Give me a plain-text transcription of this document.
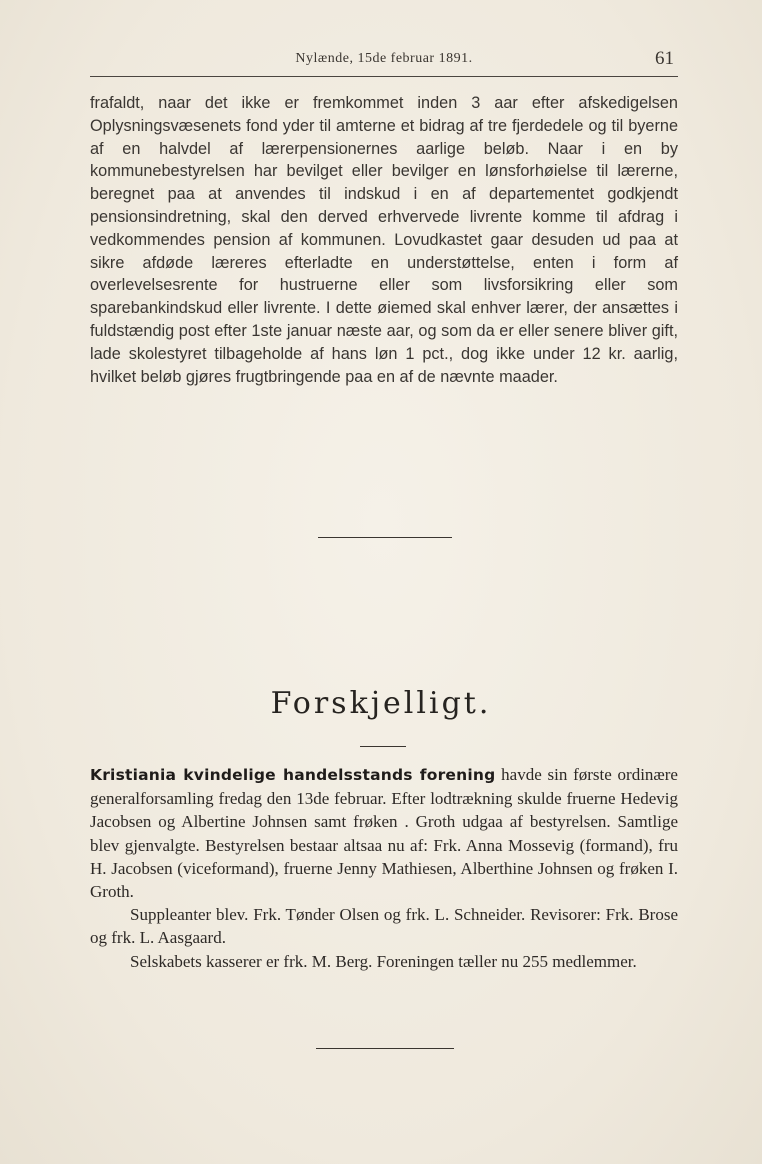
Nylænde, 15de februar 1891.	61

frafaldt, naar det ikke er fremkommet inden 3 aar efter afskedigelsen Oplysningsvæsenets fond yder til amterne et bidrag af tre fjerdedele og til byerne af en halvdel af lærerpensionernes aarlige beløb. Naar i en by kommunebestyrelsen har bevilget eller bevilger en lønsforhøielse til lærerne, beregnet paa at anvendes til indskud i en af departementet godkjendt pensionsindretning, skal den derved erhvervede livrente komme til afdrag i vedkommendes pension af kommunen. Lovudkastet gaar desuden ud paa at sikre afdøde læreres efterladte en understøttelse, enten i form af overlevelsesrente for hustruerne eller som livsforsikring eller som sparebankindskud eller livrente. I dette øiemed skal enhver lærer, der ansættes i fuldstændig post efter 1ste januar næste aar, og som da er eller senere bliver gift, lade skolestyret tilbageholde af hans løn 1 pct., dog ikke under 12 kr. aarlig, hvilket beløb gjøres frugtbringende paa en af de nævnte maader.

Forskjelligt.

Kristiania kvindelige handelsstands forening havde sin første ordinære generalforsamling fredag den 13de februar. Efter lodtrækning skulde fruerne Hedevig Jacobsen og Albertine Johnsen samt frøken . Groth udgaa af bestyrelsen. Samtlige blev gjenvalgte. Bestyrelsen bestaar altsaa nu af: Frk. Anna Mossevig (formand), fru H. Jacobsen (viceformand), fruerne Jenny Mathiesen, Alberthine Johnsen og frøken I. Groth.

Suppleanter blev. Frk. Tønder Olsen og frk. L. Schneider. Revisorer: Frk. Brose og frk. L. Aasgaard.

Selskabets kasserer er frk. M. Berg. Foreningen tæller nu 255 medlemmer.
